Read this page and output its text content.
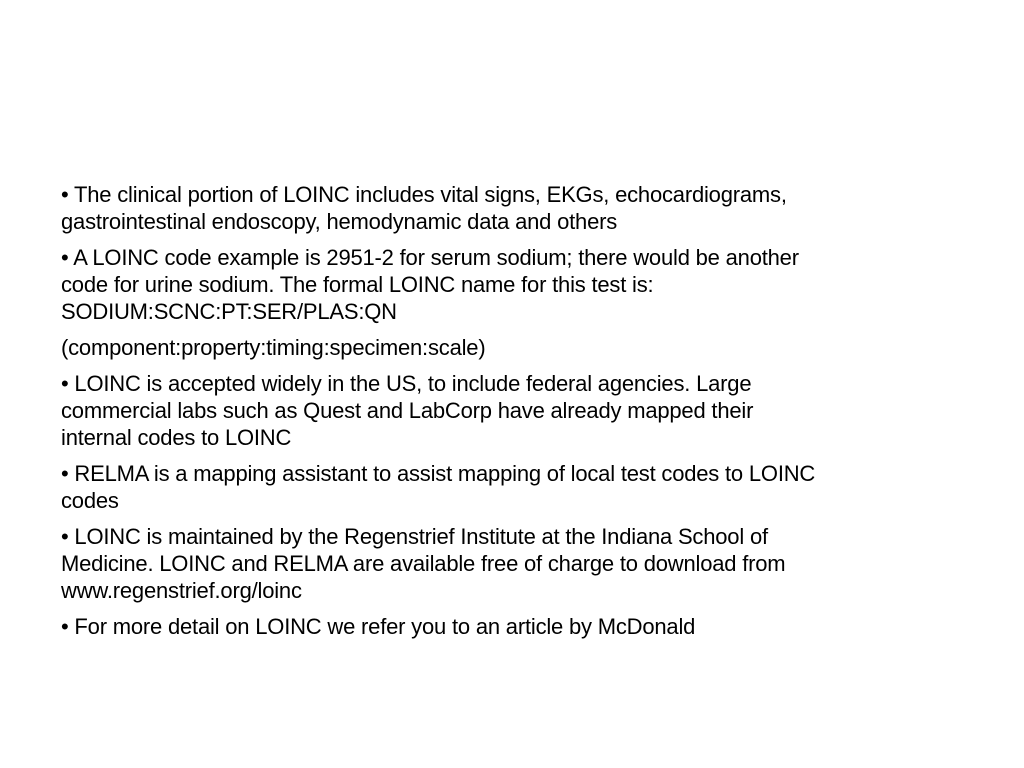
• The clinical portion of LOINC includes vital signs, EKGs, echocardiograms,
gastrointestinal endoscopy, hemodynamic data and others

• A LOINC code example is 2951-2 for serum sodium; there would be another
code for urine sodium. The formal LOINC name for this test is:
SODIUM:SCNC:PT:SER/PLAS:QN

(component:property:timing:specimen:scale)

• LOINC is accepted widely in the US, to include federal agencies. Large
commercial labs such as Quest and LabCorp have already mapped their
internal codes to LOINC

• RELMA is a mapping assistant to assist mapping of local test codes to LOINC
codes

• LOINC is maintained by the Regenstrief Institute at the Indiana School of
Medicine. LOINC and RELMA are available free of charge to download from
www.regenstrief.org/loinc

• For more detail on LOINC we refer you to an article by McDonald
